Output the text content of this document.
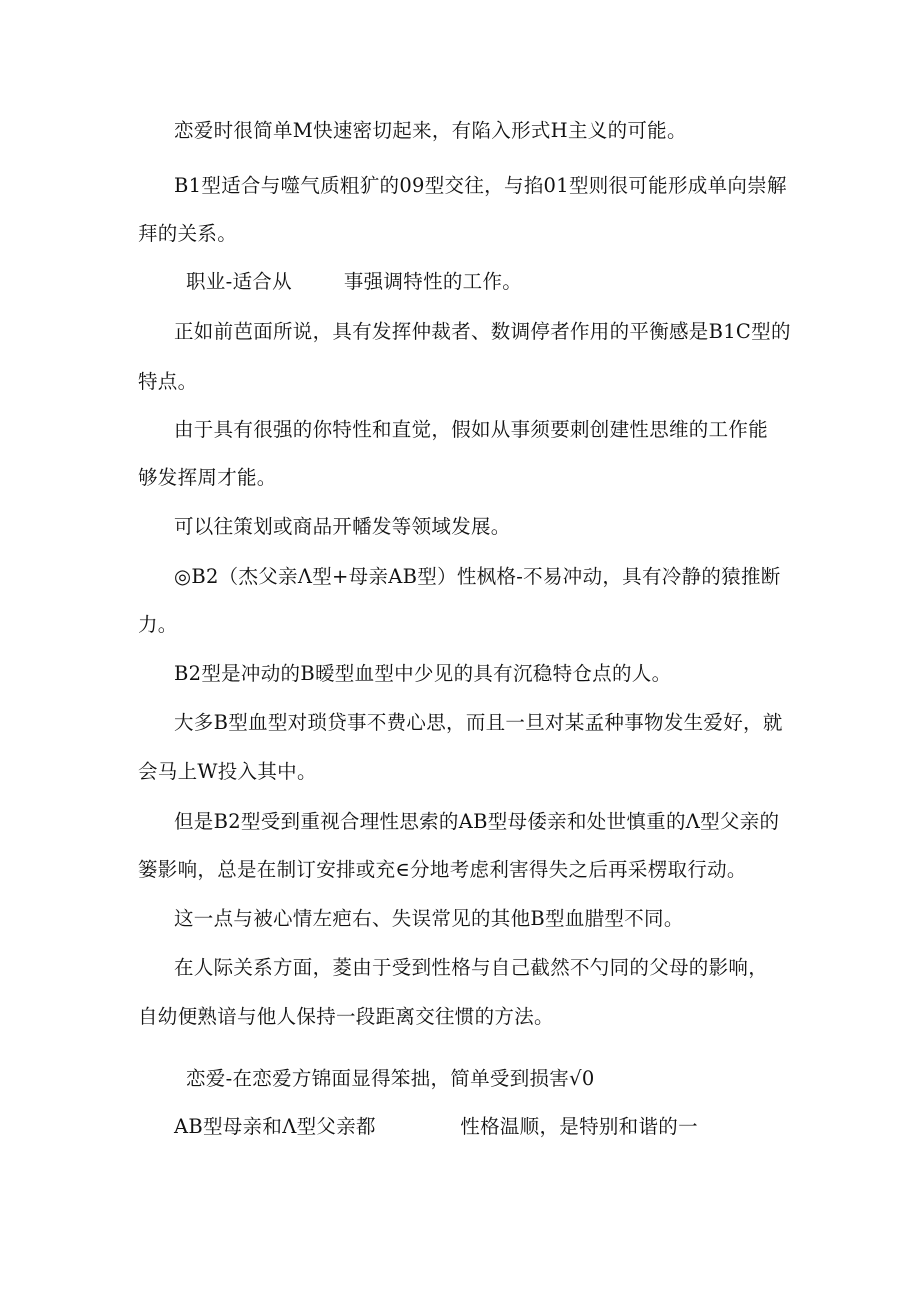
恋爱时很简单M快速密切起来，有陷入形式H主义的可能。

B1型适合与噬气质粗犷的09型交往，与掐01型则很可能形成单向崇解

拜的关系。

职业-适合从        事强调特性的工作。

正如前芭面所说，具有发挥仲裁者、数调停者作用的平衡感是B1C型的

特点。

由于具有很强的你特性和直觉，假如从事须要刺创建性思维的工作能

够发挥周才能。

可以往策划或商品开幡发等领域发展。

◎B2（杰父亲Λ型+母亲AB型）性枫格-不易冲动，具有冷静的猿推断

力。

B2型是冲动的B暧型血型中少见的具有沉稳特仓点的人。

大多B型血型对琐贷事不费心思，而且一旦对某孟种事物发生爱好，就

会马上W投入其中。

但是B2型受到重视合理性思索的AB型母倭亲和处世慎重的Λ型父亲的

篓影响，总是在制订安排或充∈分地考虑利害得失之后再采楞取行动。

这一点与被心情左疤右、失误常见的其他B型血腊型不同。

在人际关系方面，菱由于受到性格与自己截然不勺同的父母的影响，

自幼便熟谙与他人保持一段距离交往惯的方法。

恋爱-在恋爱方锦面显得笨拙，简单受到损害√0

AB型母亲和Λ型父亲都             性格温顺，是特别和谐的一
